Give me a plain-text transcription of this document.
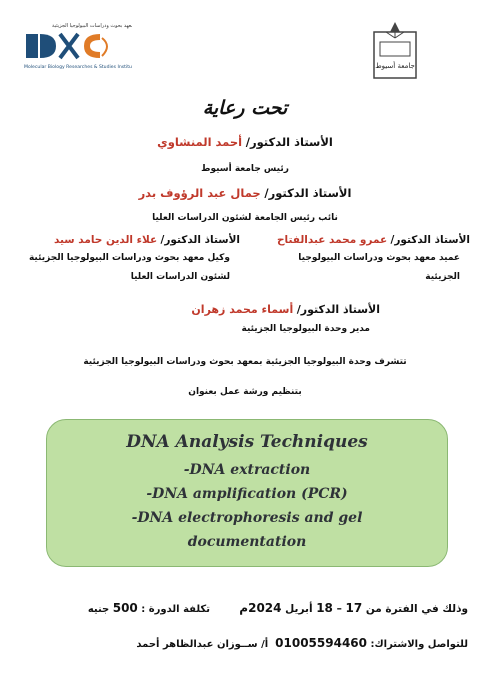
معهد بحوث ودراسات البيولوجيا الجزيئية
Molecular Biology Researches & Studies Institute	جامعة أسيوط
تحت رعاية
الأستاذ الدكتور/ أحمد المنشاوي
رئيس جامعة أسيوط
الأستاذ الدكتور/ جمال عبد الرؤوف بدر
نائب رئيس الجامعة لشئون الدراسات العليا
الأستاذ الدكتور/ عمرو محمد عبدالفتاح
عميد معهد بحوث ودراسات البيولوجيا
الجزيئية
الأستاذ الدكتور/ علاء الدين حامد سيد
وكيل معهد بحوث ودراسات البيولوجيا الجزيئية
لشئون الدراسات العليا
الأستاذ الدكتور/ أسماء محمد زهران
مدير وحدة البيولوجيا الجزيئية
تتشرف وحدة البيولوجيا الجزيئية بمعهد بحوث ودراسات البيولوجيا الجزيئية
بتنظيم ورشة عمل بعنوان
DNA Analysis Techniques
-DNA extraction
-DNA amplification (PCR)
-DNA electrophoresis and gel documentation
وذلك في الفترة من 17 – 18 أبريل 2024م
تكلفة الدورة : 500 جنيه
للتواصل والاشتراك: 01005594460  أ/ ســوزان عبدالظاهر أحمد
